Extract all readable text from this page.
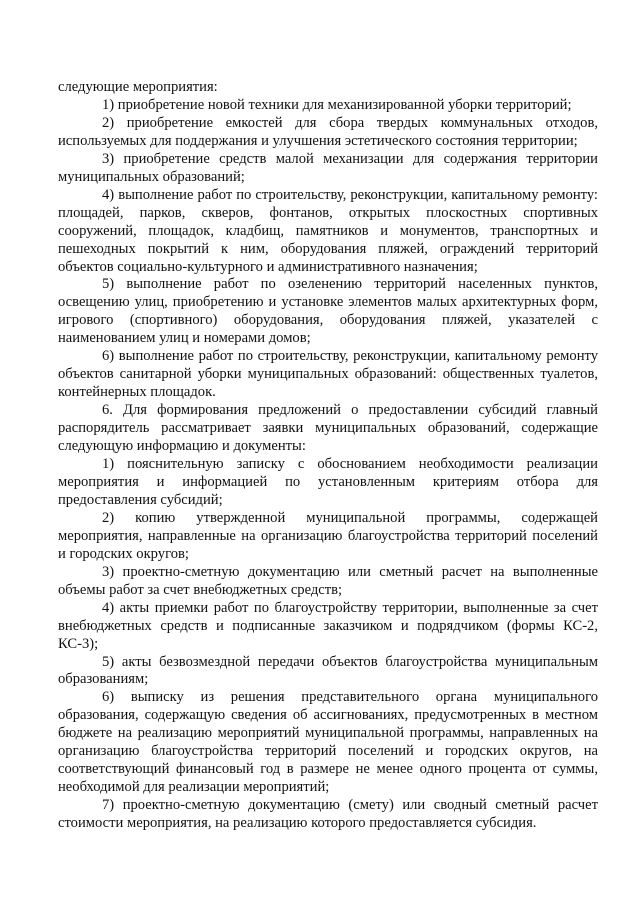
следующие мероприятия:

1) приобретение новой техники для механизированной уборки территорий;

2) приобретение емкостей для сбора твердых коммунальных отходов, используемых для поддержания и улучшения эстетического состояния территории;

3) приобретение средств малой механизации для содержания территории муниципальных образований;

4) выполнение работ по строительству, реконструкции, капитальному ремонту: площадей, парков, скверов, фонтанов, открытых плоскостных спортивных сооружений, площадок, кладбищ, памятников и монументов, транспортных и пешеходных покрытий к ним, оборудования пляжей, ограждений территорий объектов социально-культурного и административного назначения;

5) выполнение работ по озеленению территорий населенных пунктов, освещению улиц, приобретению и установке элементов малых архитектурных форм, игрового (спортивного) оборудования, оборудования пляжей, указателей с наименованием улиц и номерами домов;

6) выполнение работ по строительству, реконструкции, капитальному ремонту объектов санитарной уборки муниципальных образований: общественных туалетов, контейнерных площадок.

6. Для формирования предложений о предоставлении субсидий главный распорядитель рассматривает заявки муниципальных образований, содержащие следующую информацию и документы:

1) пояснительную записку с обоснованием необходимости реализации мероприятия и информацией по установленным критериям отбора для предоставления субсидий;

2) копию утвержденной муниципальной программы, содержащей мероприятия, направленные на организацию благоустройства территорий поселений и городских округов;

3) проектно-сметную документацию или сметный расчет на выполненные объемы работ за счет внебюджетных средств;

4) акты приемки работ по благоустройству территории, выполненные за счет внебюджетных средств и подписанные заказчиком и подрядчиком (формы КС-2, КС-3);

5) акты безвозмездной передачи объектов благоустройства муниципальным образованиям;

6) выписку из решения представительного органа муниципального образования, содержащую сведения об ассигнованиях, предусмотренных в местном бюджете на реализацию мероприятий муниципальной программы, направленных на организацию благоустройства территорий поселений и городских округов, на соответствующий финансовый год в размере не менее одного процента от суммы, необходимой для реализации мероприятий;

7) проектно-сметную документацию (смету) или сводный сметный расчет стоимости мероприятия, на реализацию которого предоставляется субсидия.
